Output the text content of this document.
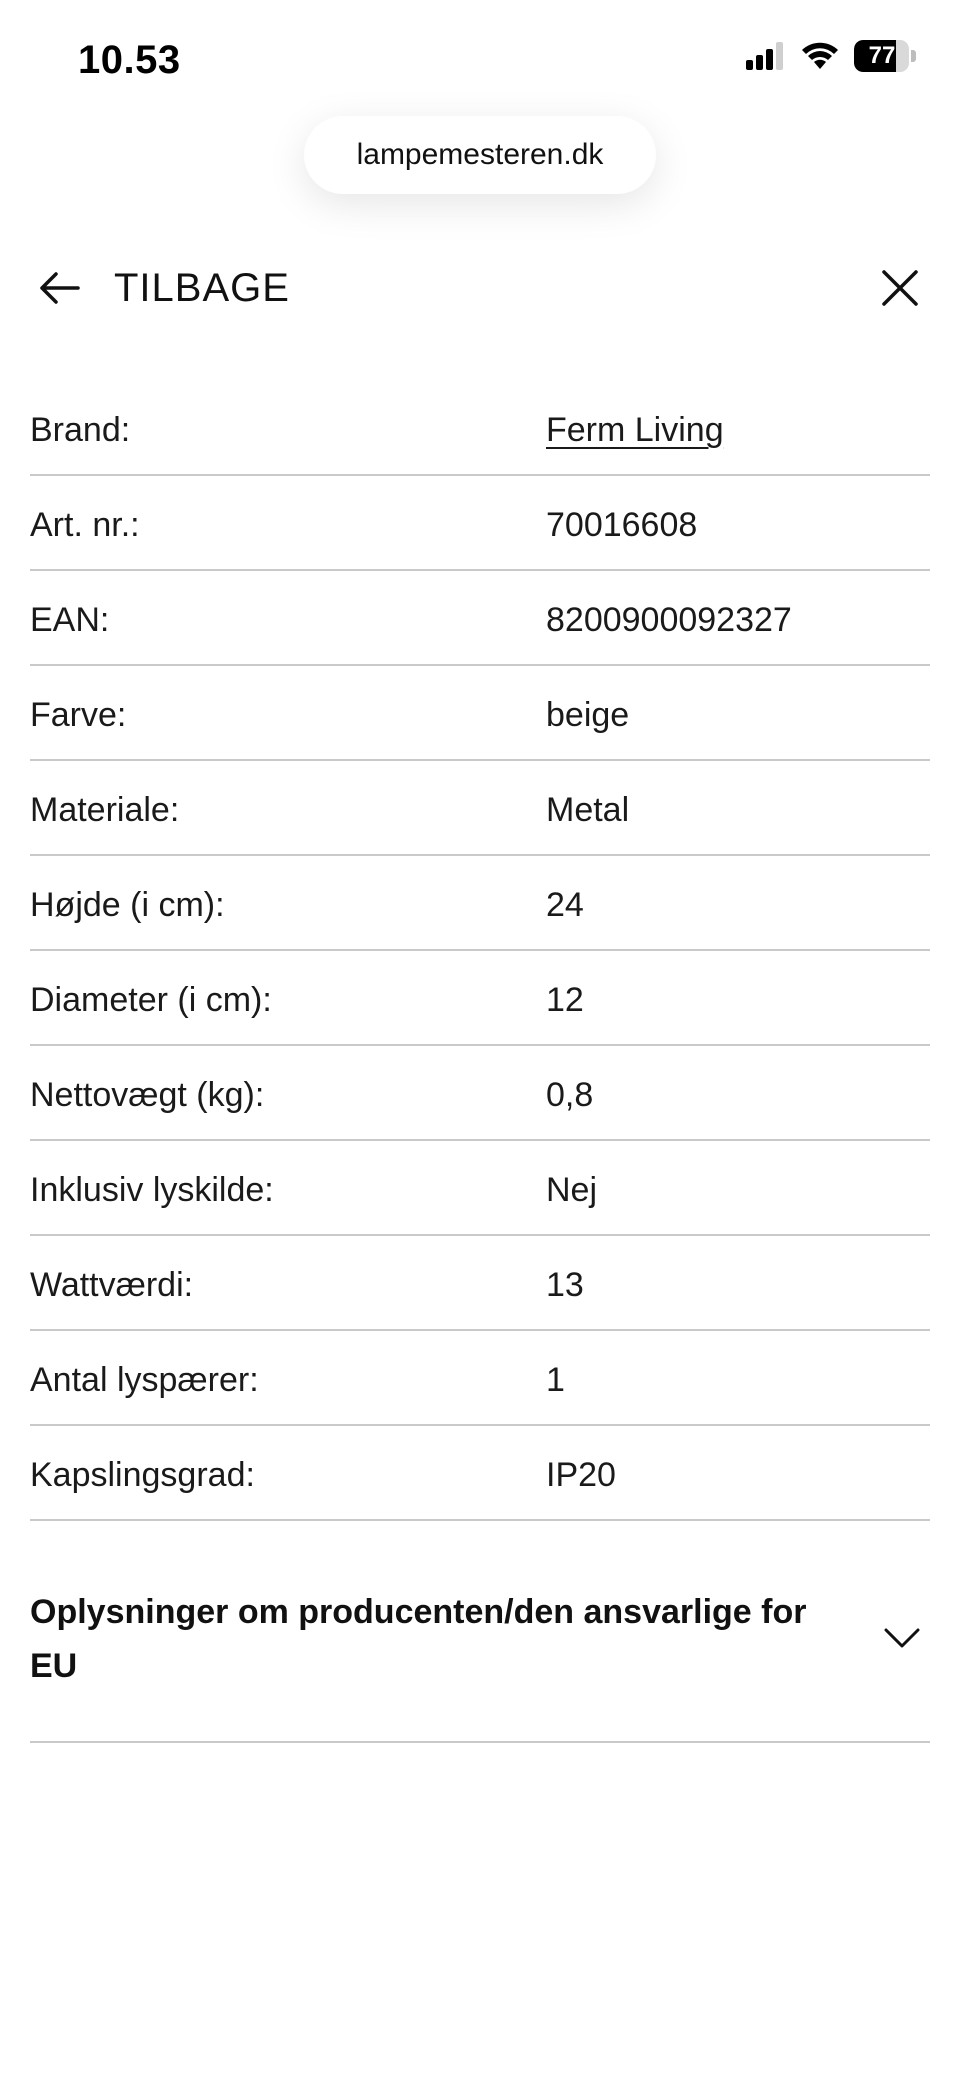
10.53	77
lampemesteren.dk
TILBAGE
Brand:	Ferm Living
Art. nr.:	70016608
EAN:	8200900092327
Farve:	beige
Materiale:	Metal
Højde (i cm):	24
Diameter (i cm):	12
Nettovægt (kg):	0,8
Inklusiv lyskilde:	Nej
Wattværdi:	13
Antal lyspærer:	1
Kapslingsgrad:	IP20
Oplysninger om producenten/den ansvarlige for EU
